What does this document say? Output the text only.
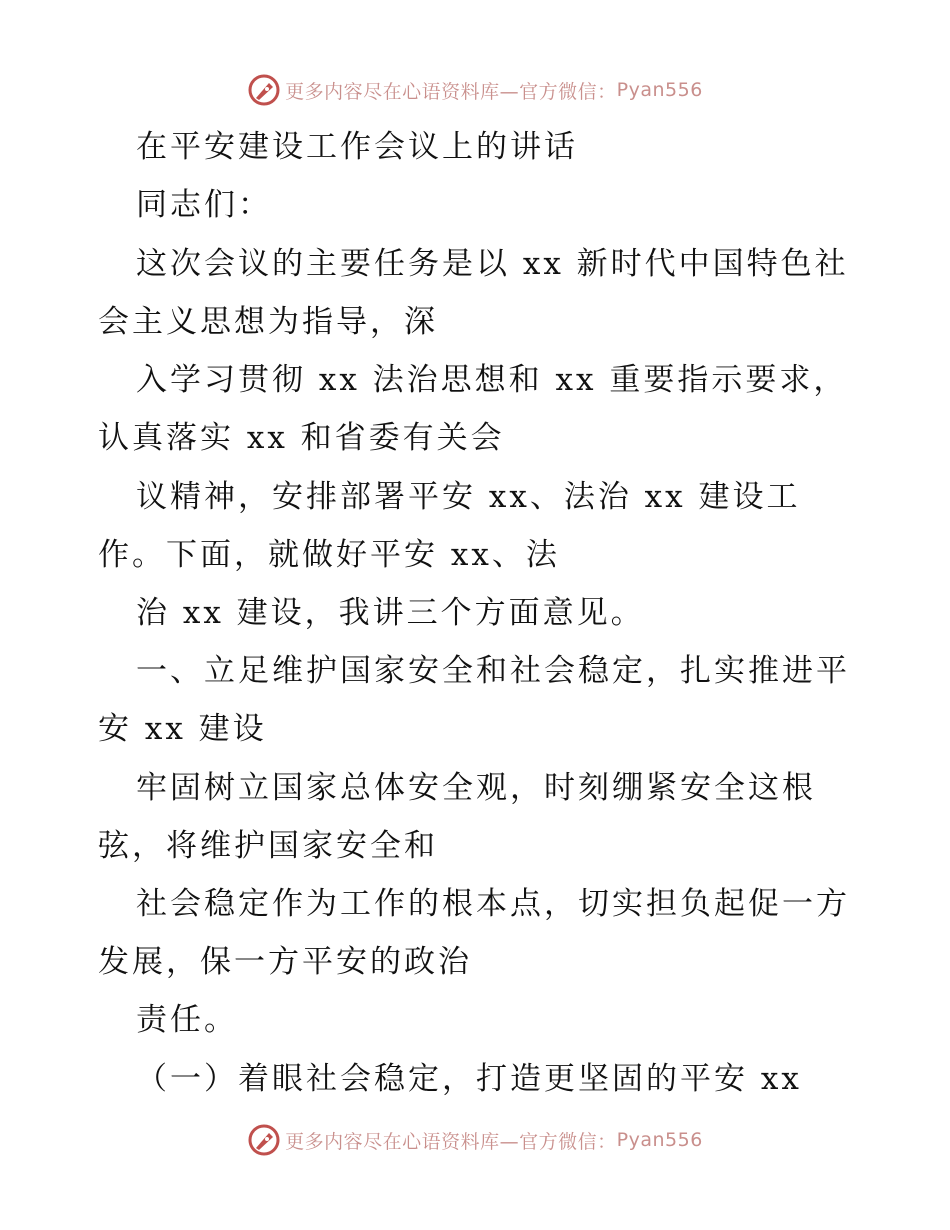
更多内容尽在心语资料库—官方微信： Pyan556
在平安建设工作会议上的讲话
同志们：
这次会议的主要任务是以 xx 新时代中国特色社
会主义思想为指导，深
入学习贯彻 xx 法治思想和 xx 重要指示要求，
认真落实 xx 和省委有关会
议精神，安排部署平安 xx、法治 xx 建设工
作。下面，就做好平安 xx、法
治 xx 建设，我讲三个方面意见。
一、立足维护国家安全和社会稳定，扎实推进平
安 xx 建设
牢固树立国家总体安全观，时刻绷紧安全这根
弦，将维护国家安全和
社会稳定作为工作的根本点，切实担负起促一方
发展，保一方平安的政治
责任。
（一）着眼社会稳定，打造更坚固的平安 xx
更多内容尽在心语资料库—官方微信： Pyan556
